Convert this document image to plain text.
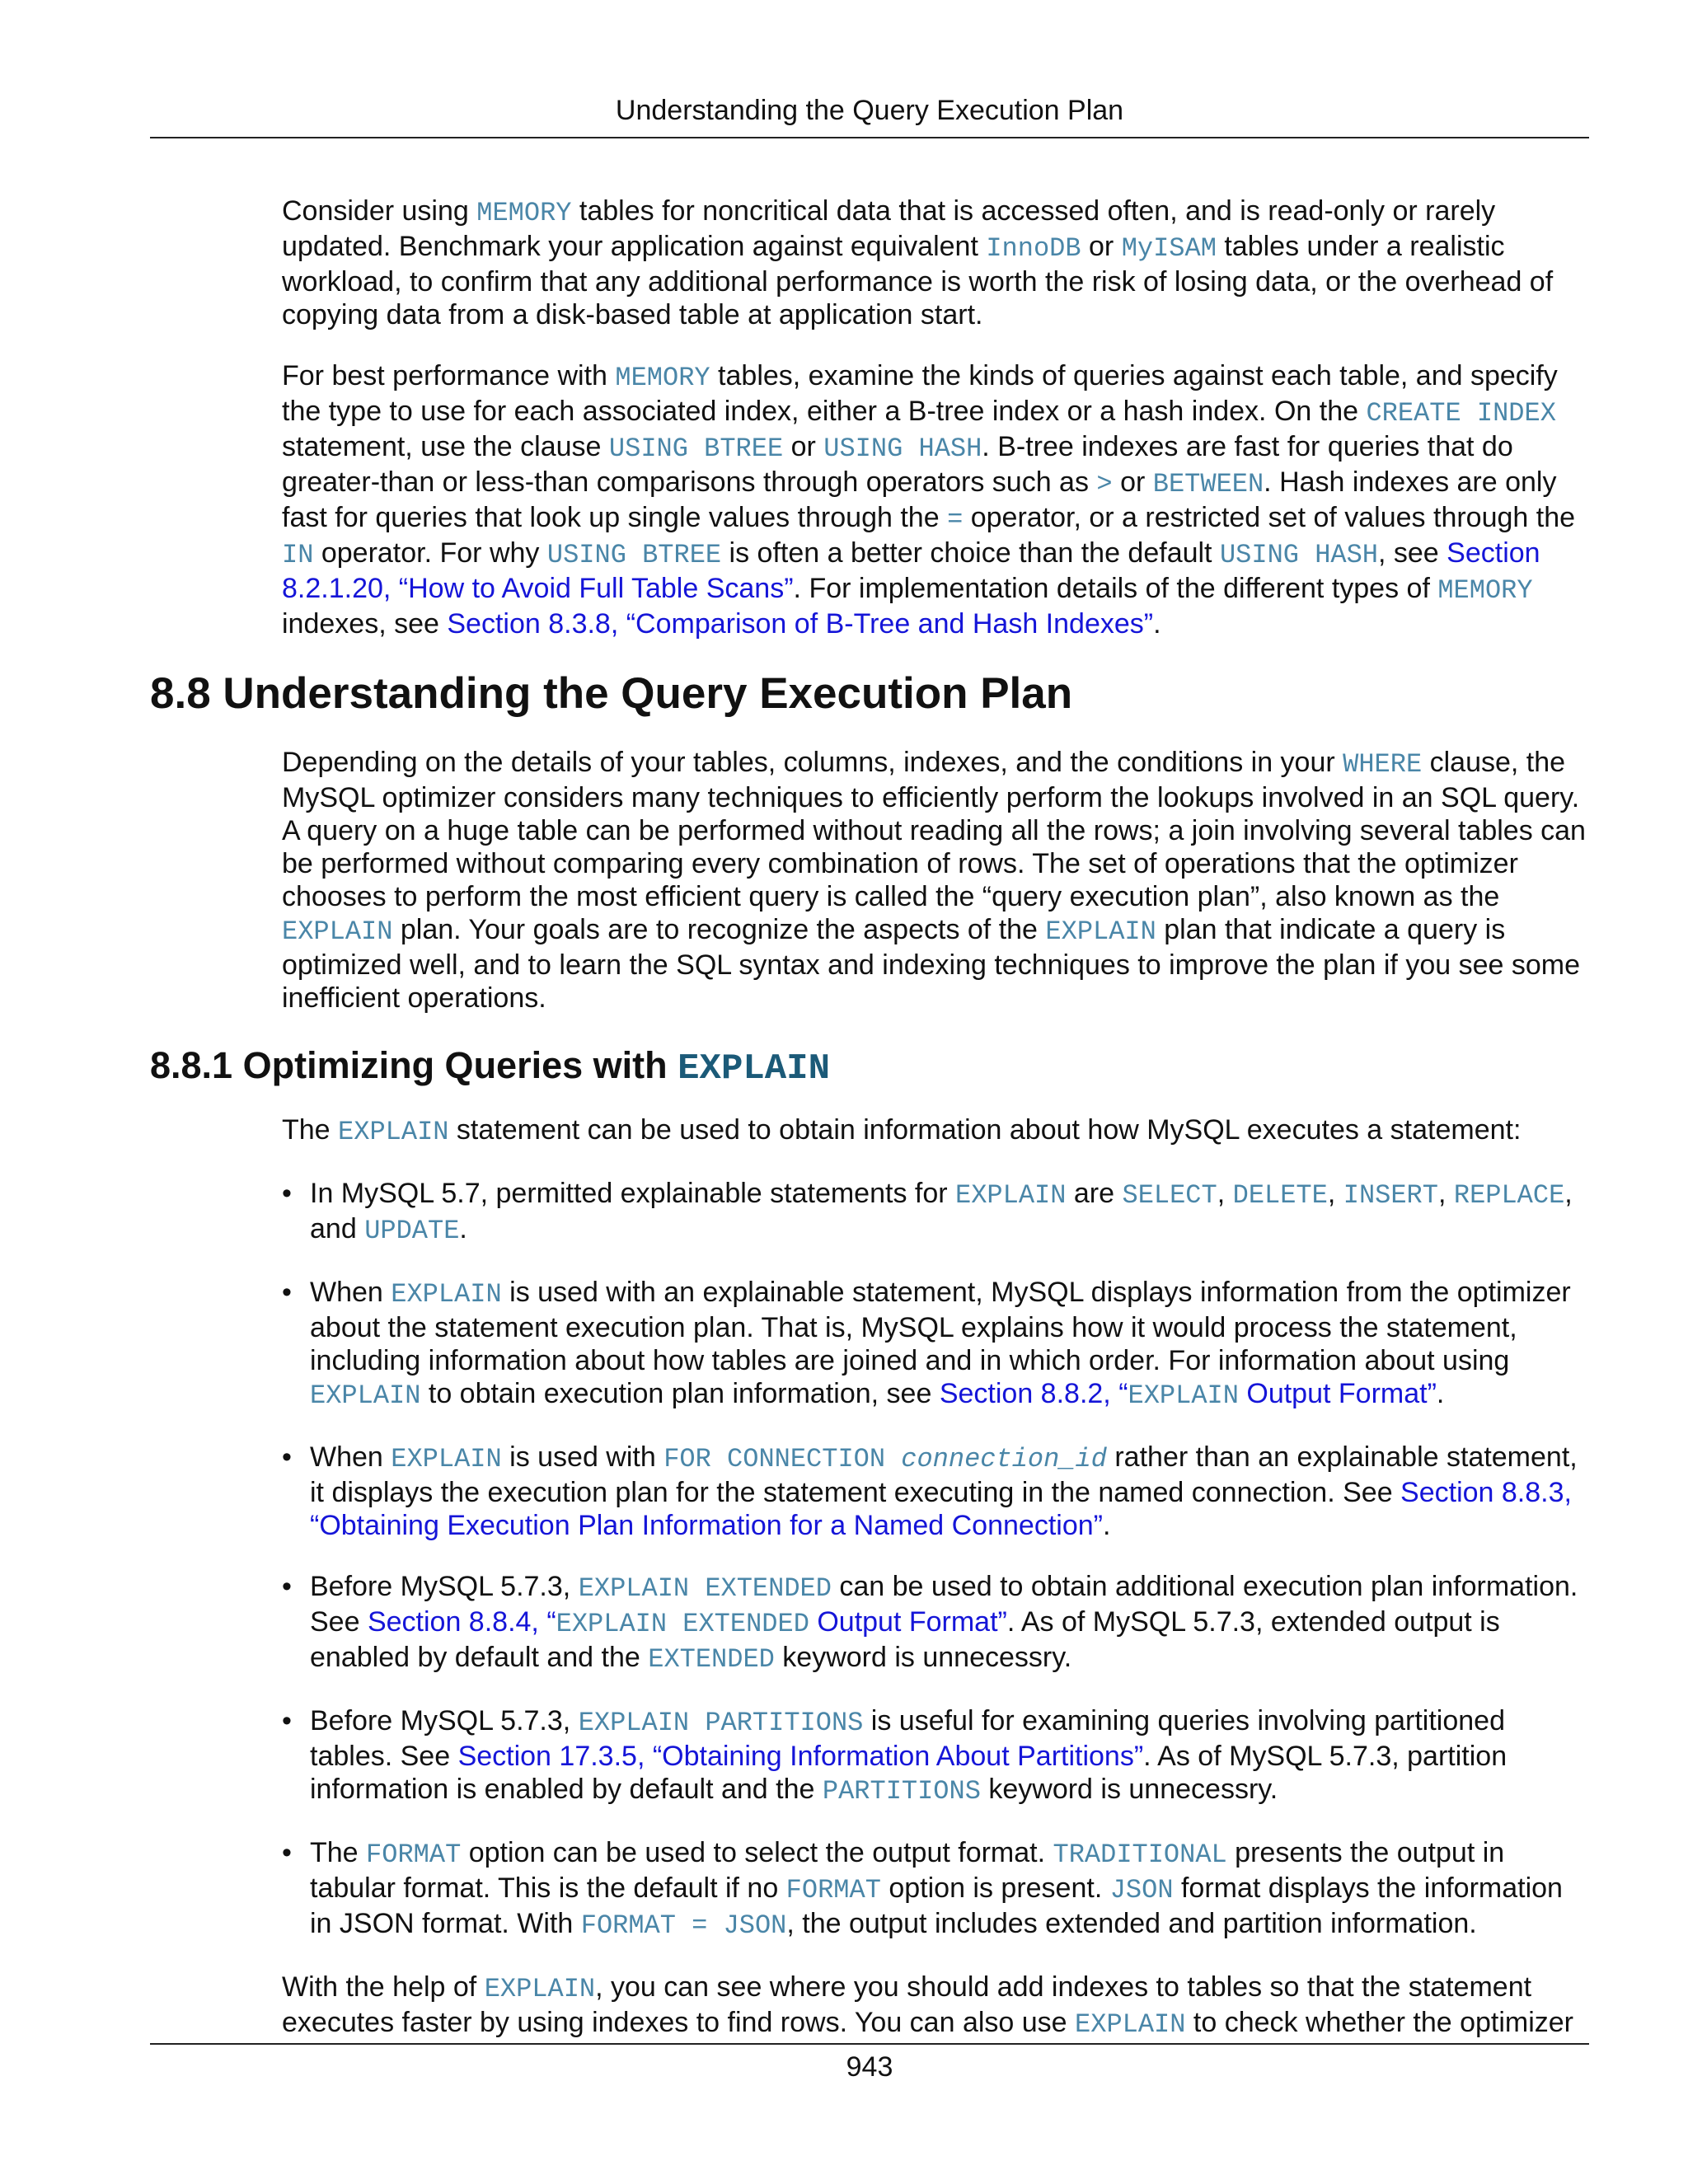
Understanding the Query Execution Plan

Consider using MEMORY tables for noncritical data that is accessed often, and is read-only or rarely updated. Benchmark your application against equivalent InnoDB or MyISAM tables under a realistic workload, to confirm that any additional performance is worth the risk of losing data, or the overhead of copying data from a disk-based table at application start.

For best performance with MEMORY tables, examine the kinds of queries against each table, and specify the type to use for each associated index, either a B-tree index or a hash index. On the CREATE INDEX statement, use the clause USING BTREE or USING HASH. B-tree indexes are fast for queries that do greater-than or less-than comparisons through operators such as > or BETWEEN. Hash indexes are only fast for queries that look up single values through the = operator, or a restricted set of values through the IN operator. For why USING BTREE is often a better choice than the default USING HASH, see Section 8.2.1.20, “How to Avoid Full Table Scans”. For implementation details of the different types of MEMORY indexes, see Section 8.3.8, “Comparison of B-Tree and Hash Indexes”.

8.8 Understanding the Query Execution Plan

Depending on the details of your tables, columns, indexes, and the conditions in your WHERE clause, the MySQL optimizer considers many techniques to efficiently perform the lookups involved in an SQL query. A query on a huge table can be performed without reading all the rows; a join involving several tables can be performed without comparing every combination of rows. The set of operations that the optimizer chooses to perform the most efficient query is called the “query execution plan”, also known as the EXPLAIN plan. Your goals are to recognize the aspects of the EXPLAIN plan that indicate a query is optimized well, and to learn the SQL syntax and indexing techniques to improve the plan if you see some inefficient operations.

8.8.1 Optimizing Queries with EXPLAIN

The EXPLAIN statement can be used to obtain information about how MySQL executes a statement:

• In MySQL 5.7, permitted explainable statements for EXPLAIN are SELECT, DELETE, INSERT, REPLACE, and UPDATE.
• When EXPLAIN is used with an explainable statement, MySQL displays information from the optimizer about the statement execution plan. That is, MySQL explains how it would process the statement, including information about how tables are joined and in which order. For information about using EXPLAIN to obtain execution plan information, see Section 8.8.2, “EXPLAIN Output Format”.
• When EXPLAIN is used with FOR CONNECTION connection_id rather than an explainable statement, it displays the execution plan for the statement executing in the named connection. See Section 8.8.3, “Obtaining Execution Plan Information for a Named Connection”.
• Before MySQL 5.7.3, EXPLAIN EXTENDED can be used to obtain additional execution plan information. See Section 8.8.4, “EXPLAIN EXTENDED Output Format”. As of MySQL 5.7.3, extended output is enabled by default and the EXTENDED keyword is unnecessry.
• Before MySQL 5.7.3, EXPLAIN PARTITIONS is useful for examining queries involving partitioned tables. See Section 17.3.5, “Obtaining Information About Partitions”. As of MySQL 5.7.3, partition information is enabled by default and the PARTITIONS keyword is unnecessry.
• The FORMAT option can be used to select the output format. TRADITIONAL presents the output in tabular format. This is the default if no FORMAT option is present. JSON format displays the information in JSON format. With FORMAT = JSON, the output includes extended and partition information.

With the help of EXPLAIN, you can see where you should add indexes to tables so that the statement executes faster by using indexes to find rows. You can also use EXPLAIN to check whether the optimizer

943
